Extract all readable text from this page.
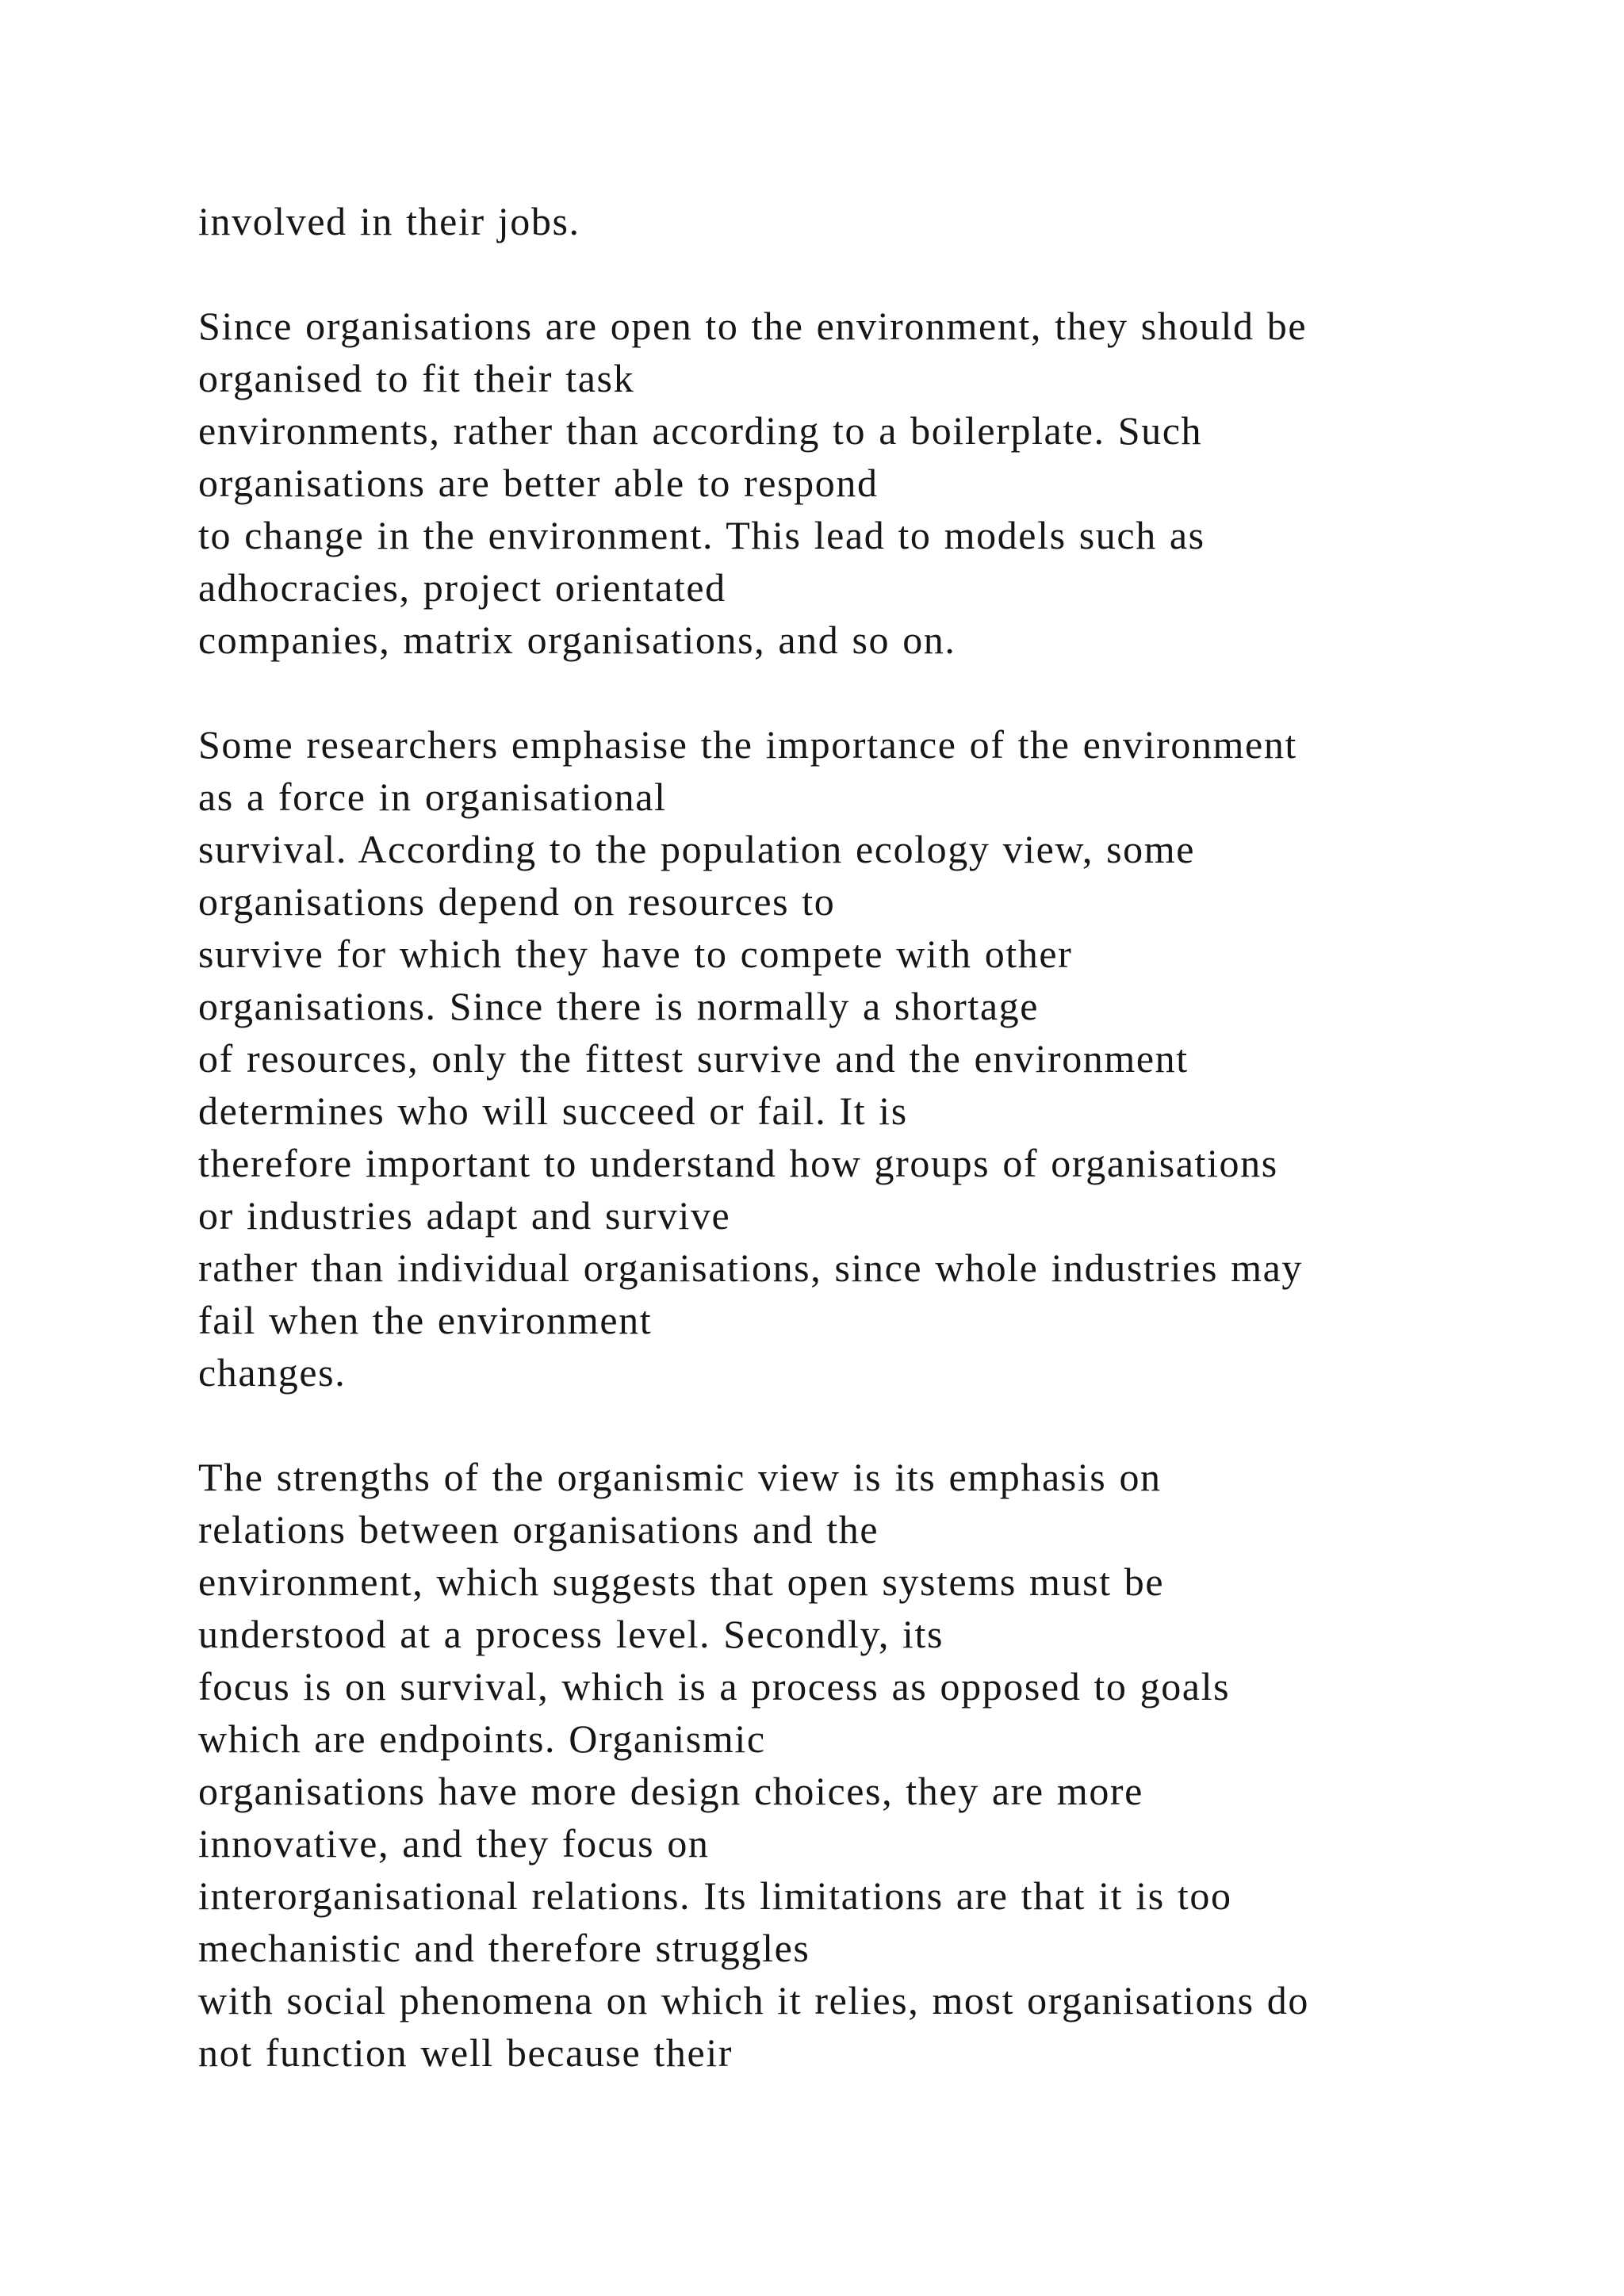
involved in their jobs.

Since organisations are open to the environment, they should be
organised to fit their task
environments, rather than according to a boilerplate. Such
organisations are better able to respond
to change in the environment. This lead to models such as
adhocracies, project orientated
companies, matrix organisations, and so on.

Some researchers emphasise the importance of the environment
as a force in organisational
survival. According to the population ecology view, some
organisations depend on resources to
survive for which they have to compete with other
organisations. Since there is normally a shortage
of resources, only the fittest survive and the environment
determines who will succeed or fail. It is
therefore important to understand how groups of organisations
or industries adapt and survive
rather than individual organisations, since whole industries may
fail when the environment
changes.

The strengths of the organismic view is its emphasis on
relations between organisations and the
environment, which suggests that open systems must be
understood at a process level. Secondly, its
focus is on survival, which is a process as opposed to goals
which are endpoints. Organismic
organisations have more design choices, they are more
innovative, and they focus on
interorganisational relations. Its limitations are that it is too
mechanistic and therefore struggles
with social phenomena on which it relies, most organisations do
not function well because their
